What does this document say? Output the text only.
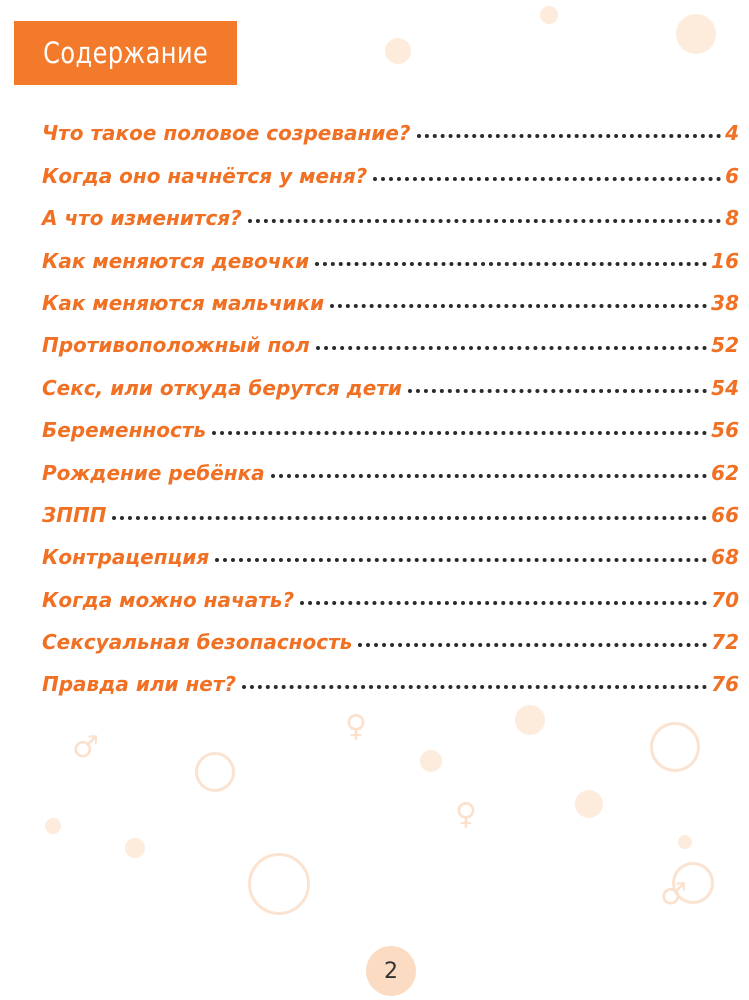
♂
♀
♀
♂
Содержание
Что такое половое созревание?	4
Когда оно начнётся у меня?	6
А что изменится?	8
Как меняются девочки	16
Как меняются мальчики	38
Противоположный пол	52
Секс, или откуда берутся дети	54
Беременность	56
Рождение ребёнка	62
ЗППП	66
Контрацепция	68
Когда можно начать?	70
Сексуальная безопасность	72
Правда или нет?	76
2
